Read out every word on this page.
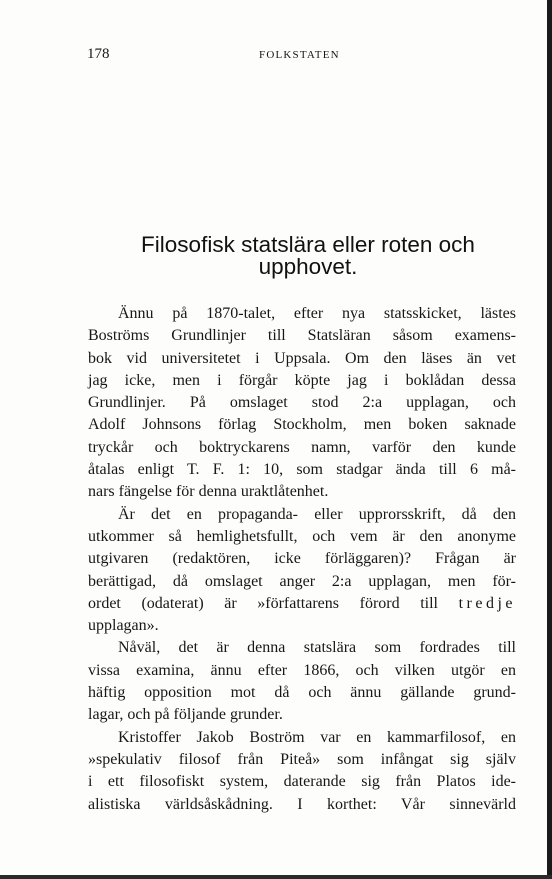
178	FOLKSTATEN
Filosofisk statslära eller roten och
upphovet.
Ännu på 1870-talet, efter nya statsskicket, lästes
Boströms Grundlinjer till Statsläran såsom examens-
bok vid universitetet i Uppsala. Om den läses än vet
jag icke, men i förgår köpte jag i boklådan dessa
Grundlinjer. På omslaget stod 2:a upplagan, och
Adolf Johnsons förlag Stockholm, men boken saknade
tryckår och boktryckarens namn, varför den kunde
åtalas enligt T. F. 1: 10, som stadgar ända till 6 må-
nars fängelse för denna uraktlåtenhet.
Är det en propaganda- eller upprorsskrift, då den
utkommer så hemlighetsfullt, och vem är den anonyme
utgivaren (redaktören, icke förläggaren)? Frågan är
berättigad, då omslaget anger 2:a upplagan, men för-
ordet (odaterat) är »författarens förord till tredje
upplagan».
Nåväl, det är denna statslära som fordrades till
vissa examina, ännu efter 1866, och vilken utgör en
häftig opposition mot då och ännu gällande grund-
lagar, och på följande grunder.
Kristoffer Jakob Boström var en kammarfilosof, en
»spekulativ filosof från Piteå» som infångat sig själv
i ett filosofiskt system, daterande sig från Platos ide-
alistiska världsåskådning. I korthet: Vår sinnevärld
